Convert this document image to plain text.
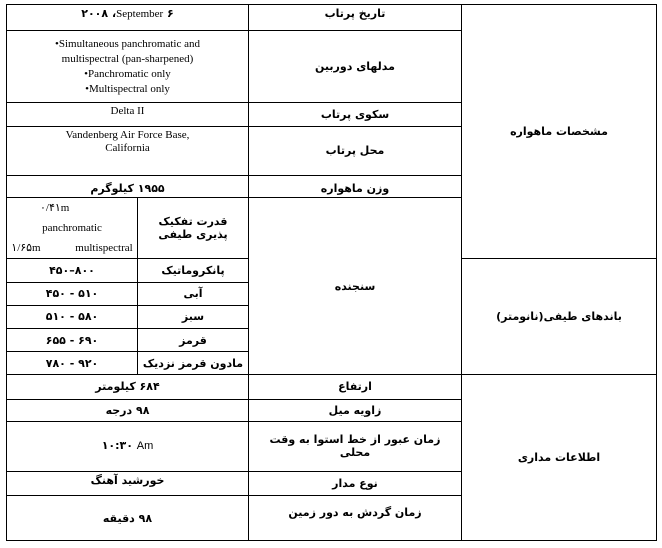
مشخصات ماهواره	تاریخ پرتاب	۶ September، ۲۰۰۸	
	مدلهای دوربین	•Simultaneous panchromatic and
multispectral (pan-sharpened)
•Panchromatic only
•Multispectral only	

	سکوی پرتاب	Delta II	
	محل پرتاب	Vandenberg Air Force Base,
California	

	وزن ماهواره	۱۹۵۵ کیلوگرم	
	سنجنده	قدرت تفکیک پذیری طیفی	۰/۴۱mpanchromatic
۱/۶۵m multispectral

باندهای طیفی(نانومتر)		پانکروماتیک	۴۵۰–۸۰۰
		آبی	۴۵۰ - ۵۱۰
		سبز	۵۱۰ - ۵۸۰
		قرمز	۶۵۵ - ۶۹۰
		مادون قرمز نزدیک	۷۸۰ - ۹۲۰
اطلاعات مداری	ارتفاع	۶۸۴ کیلومتر	
	زاویه میل	۹۸ درجه	
	زمان عبور از خط استوا به وقت محلی	Am ۱۰:۳۰	
	نوع مدار	خورشید آهنگ	
	زمان گردش به دور زمین	۹۸ دقیقه	
